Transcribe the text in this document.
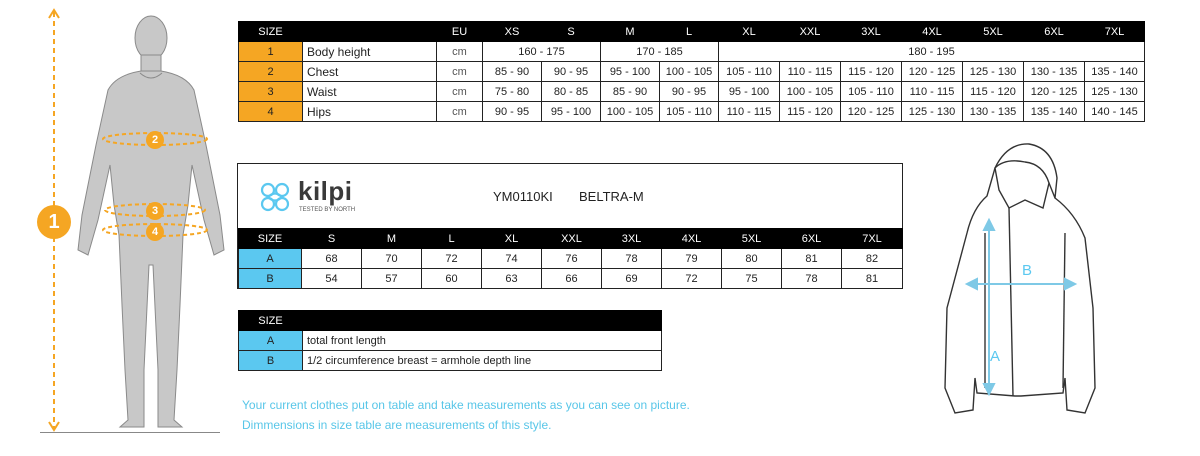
1
2
3
4
SIZE		EU	XS	S	M	L	XL	XXL	3XL	4XL	5XL	6XL	7XL
1	Body height	cm	160 - 175		170 - 185		180 - 195						
2	Chest	cm	85 - 90	90 - 95	95 - 100	100 - 105	105 - 110	110 - 115	115 - 120	120 - 125	125 - 130	130 - 135	135 - 140
3	Waist	cm	75 - 80	80 - 85	85 - 90	90 - 95	95 - 100	100 - 105	105 - 110	110 - 115	115 - 120	120 - 125	125 - 130
4	Hips	cm	90 - 95	95 - 100	100 - 105	105 - 110	110 - 115	115 - 120	120 - 125	125 - 130	130 - 135	135 - 140	140 - 145
kilpi
TESTED BY NORTH
YM0110KI BELTRA-M
SIZE	S	M	L	XL	XXL	3XL	4XL	5XL	6XL	7XL
A	68	70	72	74	76	78	79	80	81	82
B	54	57	60	63	66	69	72	75	78	81
SIZE	
A	total front length
B	1/2 circumference breast = armhole depth line
Your current clothes put on table and take measurements as you can see on picture.
Dimmensions in size table are measurements of this style.
A
B
